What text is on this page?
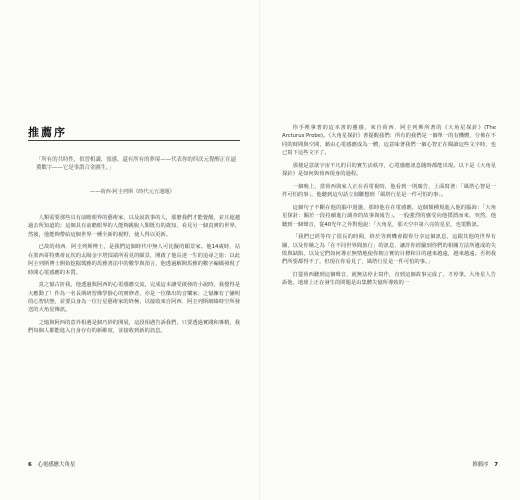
推薦序
「所有的共時性，似曾相識，預感，還有所有的夢境——代表你的四次元覺醒正在逼冀數字——它是事謂合金圖生。」
——荷西·阿圭列斯《時代元五運題》

人類需要那些具有前瞻眼界的藝術家、以及說故事的人，那麼我們才能覺醒，並且超越過去所知道的；這個具有前瞻眼界的人能夠跳脫人類既有的歲知，看見另一個真實的世界，然後，他能夠帶給這個世界一種全新的視野，使人得以更新。

已故的荷西．阿圭列斯博士，是我們這個時代中無人可比擬的願景家。他14歲時，站在墨西哥特奧蒂瓦坎的太陽金字塔頂端所看見的願景，開啟了他長達一生的追尋之旅：以此阿圭列斯博士開始挖掘瑪雅的馬雅書法中的數學與預言，他透過解開馬雅的數字編碼發現了時間心電感應的本質。

真之憶古折我，他透過與阿西的心電感應交流，完成這本讓受啟發的小說時，我覺得是大應動了！作為一名長期研習佛學靜心的實修者，亦是一位傑出的音樂家；之憶擁有了彌明的心智狀態，並要具身為一位行星藝術家的終極，以接收來自阿西．阿圭列斯網絡時空所發送的大角星傳訊。

之憶與阿西的意外相遇是個巧妙的開展，這段相遇告訴我們，只要透過實踐和專精，我們每個人都能進入自身存有的新維度，並接收到新的訊息。

6 心電感應大角星

你手裡拿著的這本書的靈感，來自荷西．阿圭列斯所著的《大角星探針》(The Arcturus Probe)。《大角星探針》書提醒我們：所有的我們是一個單一的有機體，分佈在不同的時間與空間，藉由心電感應成為一體，這意味著我們一個心智正在閱讀這些文字時，也已寫下這些文字了。

那便是意欲宇宙不凡的目的實生活秩序，心電感應訊息隨時都能出現。以下是《大角星探針》是如何與荷西現身的過程。

一個晚上，當荷西與家人正在看電視時，他看到一則廣告，上面寫著：「風塔心智是一件可怕的事」，他聽到這句話立刻聯想到「風塔行星是一件可怕的事」。

這個句子不斷在他的腦中迴盪，那時他在在電感應，這個類種規進入他的腦海：「大角星探針：關於一段持續進行調查的故事與報告」。一股強烈的感受向他撲湧而來，突然，他聽到一個聲音，從40光年之外對他說：「大角星，那天空中第六亮的星星，也電動訊。

「我們已經等待了很長的時間，終於等到機會跟你分享這個訊息，這跟其他的世界有關，以及你稱之為「在不同世界間旅行」的訊息，讓許你經驗到你們的相關方法所遺成的失敗與缺陷，以及它們如何導正無情地使你朝言實的目標和目的越來越遠，越來越遠。否則我們所要都得不了，但現在你看見了，風塔行星是一件可怕的事。」

打從荷西聽到這個聲音，就無法停止寫作，直到這個故事完成了，才停筆。大角星人告訴他，地球上正在發生的問題是由集體失憶所導致的一

推薦序 7
